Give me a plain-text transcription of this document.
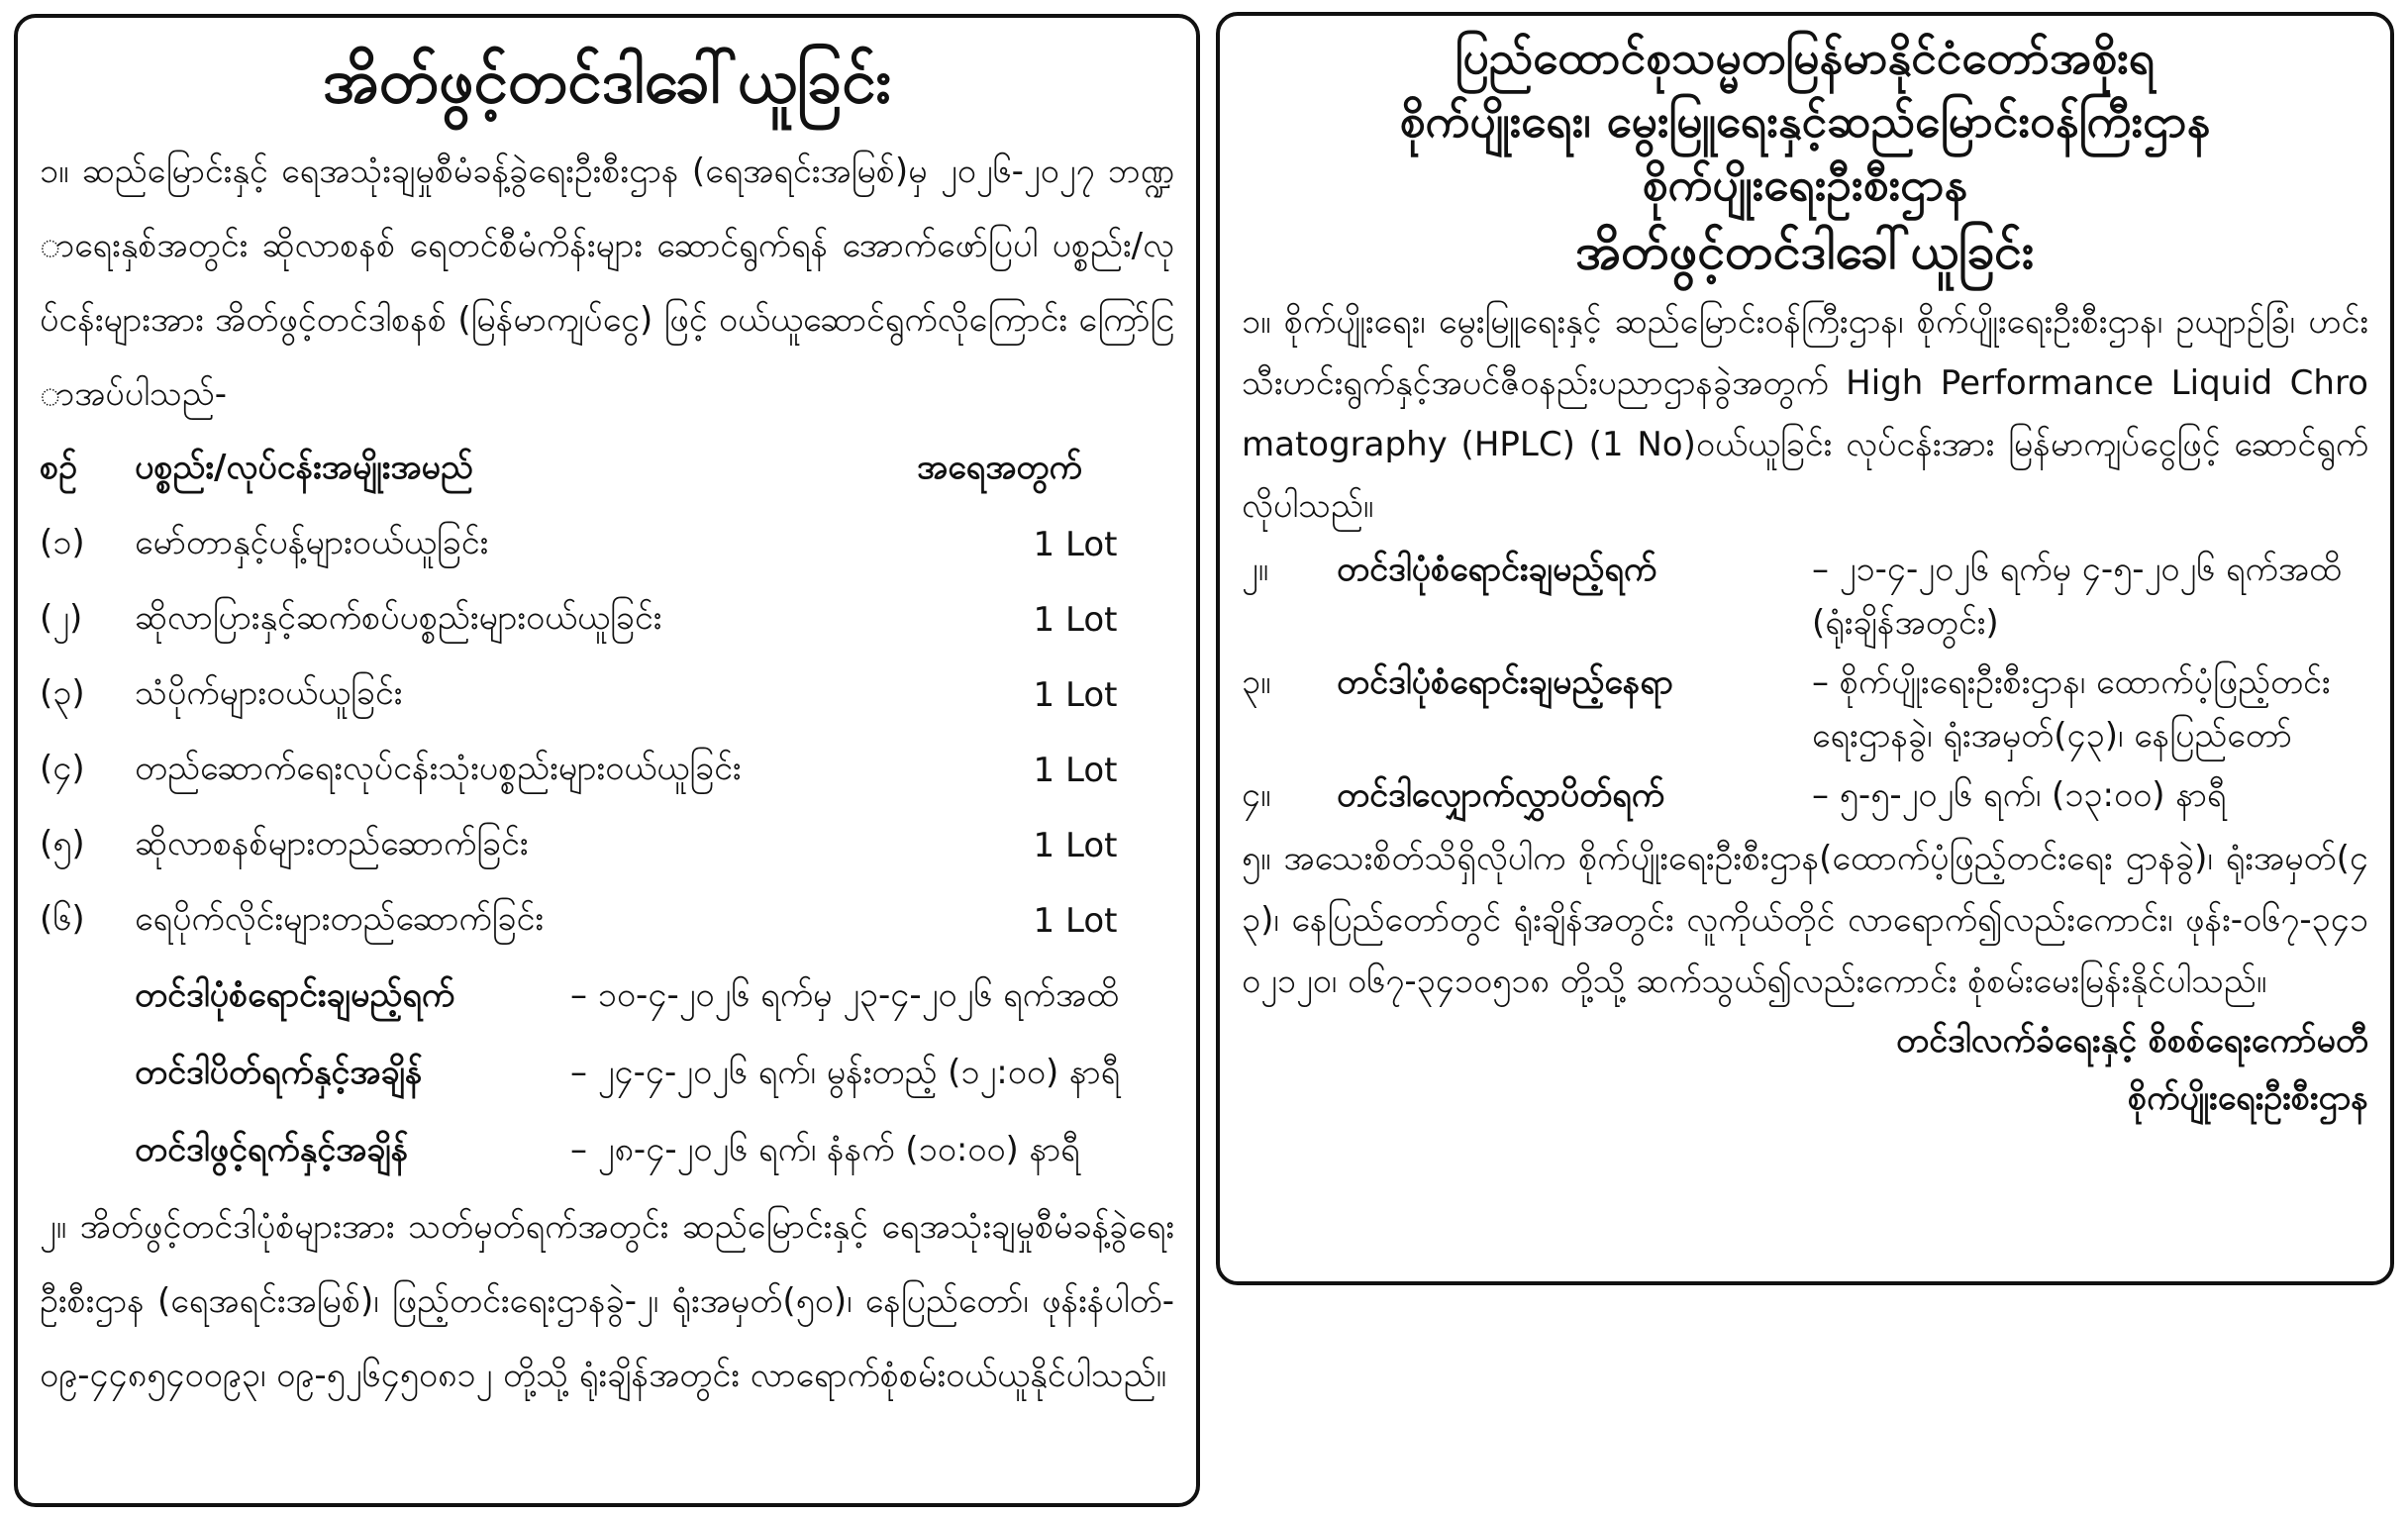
အိတ်ဖွင့်တင်ဒါခေါ်ယူခြင်း
၁။ ဆည်မြောင်းနှင့် ရေအသုံးချမှုစီမံခန့်ခွဲရေးဦးစီးဌာန (ရေအရင်းအမြစ်)မှ ၂၀၂၆-၂၀၂၇ ဘဏ္ဍာရေးနှစ်အတွင်း ဆိုလာစနစ် ရေတင်စီမံကိန်းများ ဆောင်ရွက်ရန် အောက်ဖော်ပြပါ ပစ္စည်း/လုပ်ငန်းများအား အိတ်ဖွင့်တင်ဒါစနစ် (မြန်မာကျပ်ငွေ) ဖြင့် ဝယ်ယူဆောင်ရွက်လိုကြောင်း ကြော်ငြာအပ်ပါသည်-
စဉ်	ပစ္စည်း/လုပ်ငန်းအမျိုးအမည်	အရေအတွက်
(၁)	မော်တာနှင့်ပန့်များဝယ်ယူခြင်း	1 Lot
(၂)	ဆိုလာပြားနှင့်ဆက်စပ်ပစ္စည်းများဝယ်ယူခြင်း	1 Lot
(၃)	သံပိုက်များဝယ်ယူခြင်း	1 Lot
(၄)	တည်ဆောက်ရေးလုပ်ငန်းသုံးပစ္စည်းများဝယ်ယူခြင်း	1 Lot
(၅)	ဆိုလာစနစ်များတည်ဆောက်ခြင်း	1 Lot
(၆)	ရေပိုက်လိုင်းများတည်ဆောက်ခြင်း	1 Lot
တင်ဒါပုံစံရောင်းချမည့်ရက်	– ၁၀-၄-၂၀၂၆ ရက်မှ ၂၃-၄-၂၀၂၆ ရက်အထိ
တင်ဒါပိတ်ရက်နှင့်အချိန်	– ၂၄-၄-၂၀၂၆ ရက်၊ မွန်းတည့် (၁၂:၀၀) နာရီ
တင်ဒါဖွင့်ရက်နှင့်အချိန်	– ၂၈-၄-၂၀၂၆ ရက်၊ နံနက် (၁၀:၀၀) နာရီ
၂။ အိတ်ဖွင့်တင်ဒါပုံစံများအား သတ်မှတ်ရက်အတွင်း ဆည်မြောင်းနှင့် ရေအသုံးချမှုစီမံခန့်ခွဲရေးဦးစီးဌာန (ရေအရင်းအမြစ်)၊ ဖြည့်တင်းရေးဌာနခွဲ-၂၊ ရုံးအမှတ်(၅၀)၊ နေပြည်တော်၊ ဖုန်းနံပါတ်-၀၉-၄၄၈၅၄၀၀၉၃၊ ၀၉-၅၂၆၄၅၀၈၁၂ တို့သို့ ရုံးချိန်အတွင်း လာရောက်စုံစမ်းဝယ်ယူနိုင်ပါသည်။
ပြည်ထောင်စုသမ္မတမြန်မာနိုင်ငံတော်အစိုးရ
စိုက်ပျိုးရေး၊ မွေးမြူရေးနှင့်ဆည်မြောင်းဝန်ကြီးဌာန
စိုက်ပျိုးရေးဦးစီးဌာန
အိတ်ဖွင့်တင်ဒါခေါ်ယူခြင်း
၁။ စိုက်ပျိုးရေး၊ မွေးမြူရေးနှင့် ဆည်မြောင်းဝန်ကြီးဌာန၊ စိုက်ပျိုးရေးဦးစီးဌာန၊ ဥယျာဉ်ခြံ၊ ဟင်းသီးဟင်းရွက်နှင့်အပင်ဇီဝနည်းပညာဌာနခွဲအတွက် High Performance Liquid Chromatography (HPLC) (1 No)ဝယ်ယူခြင်း လုပ်ငန်းအား မြန်မာကျပ်ငွေဖြင့် ဆောင်ရွက်လိုပါသည်။
၂။	တင်ဒါပုံစံရောင်းချမည့်ရက်	– ၂၁-၄-၂၀၂၆ ရက်မှ ၄-၅-၂၀၂၆ ရက်အထိ (ရုံးချိန်အတွင်း)
၃။	တင်ဒါပုံစံရောင်းချမည့်နေရာ	– စိုက်ပျိုးရေးဦးစီးဌာန၊ ထောက်ပံ့ဖြည့်တင်းရေးဌာနခွဲ၊ ရုံးအမှတ်(၄၃)၊ နေပြည်တော်
၄။	တင်ဒါလျှောက်လွှာပိတ်ရက်	– ၅-၅-၂၀၂၆ ရက်၊ (၁၃:၀၀) နာရီ
၅။ အသေးစိတ်သိရှိလိုပါက စိုက်ပျိုးရေးဦးစီးဌာန(ထောက်ပံ့ဖြည့်တင်းရေး ဌာနခွဲ)၊ ရုံးအမှတ်(၄၃)၊ နေပြည်တော်တွင် ရုံးချိန်အတွင်း လူကိုယ်တိုင် လာရောက်၍လည်းကောင်း၊ ဖုန်း-၀၆၇-၃၄၁၀၂၁၂၀၊ ၀၆၇-၃၄၁၀၅၁၈ တို့သို့ ဆက်သွယ်၍လည်းကောင်း စုံစမ်းမေးမြန်းနိုင်ပါသည်။
တင်ဒါလက်ခံရေးနှင့် စိစစ်ရေးကော်မတီ
စိုက်ပျိုးရေးဦးစီးဌာန
